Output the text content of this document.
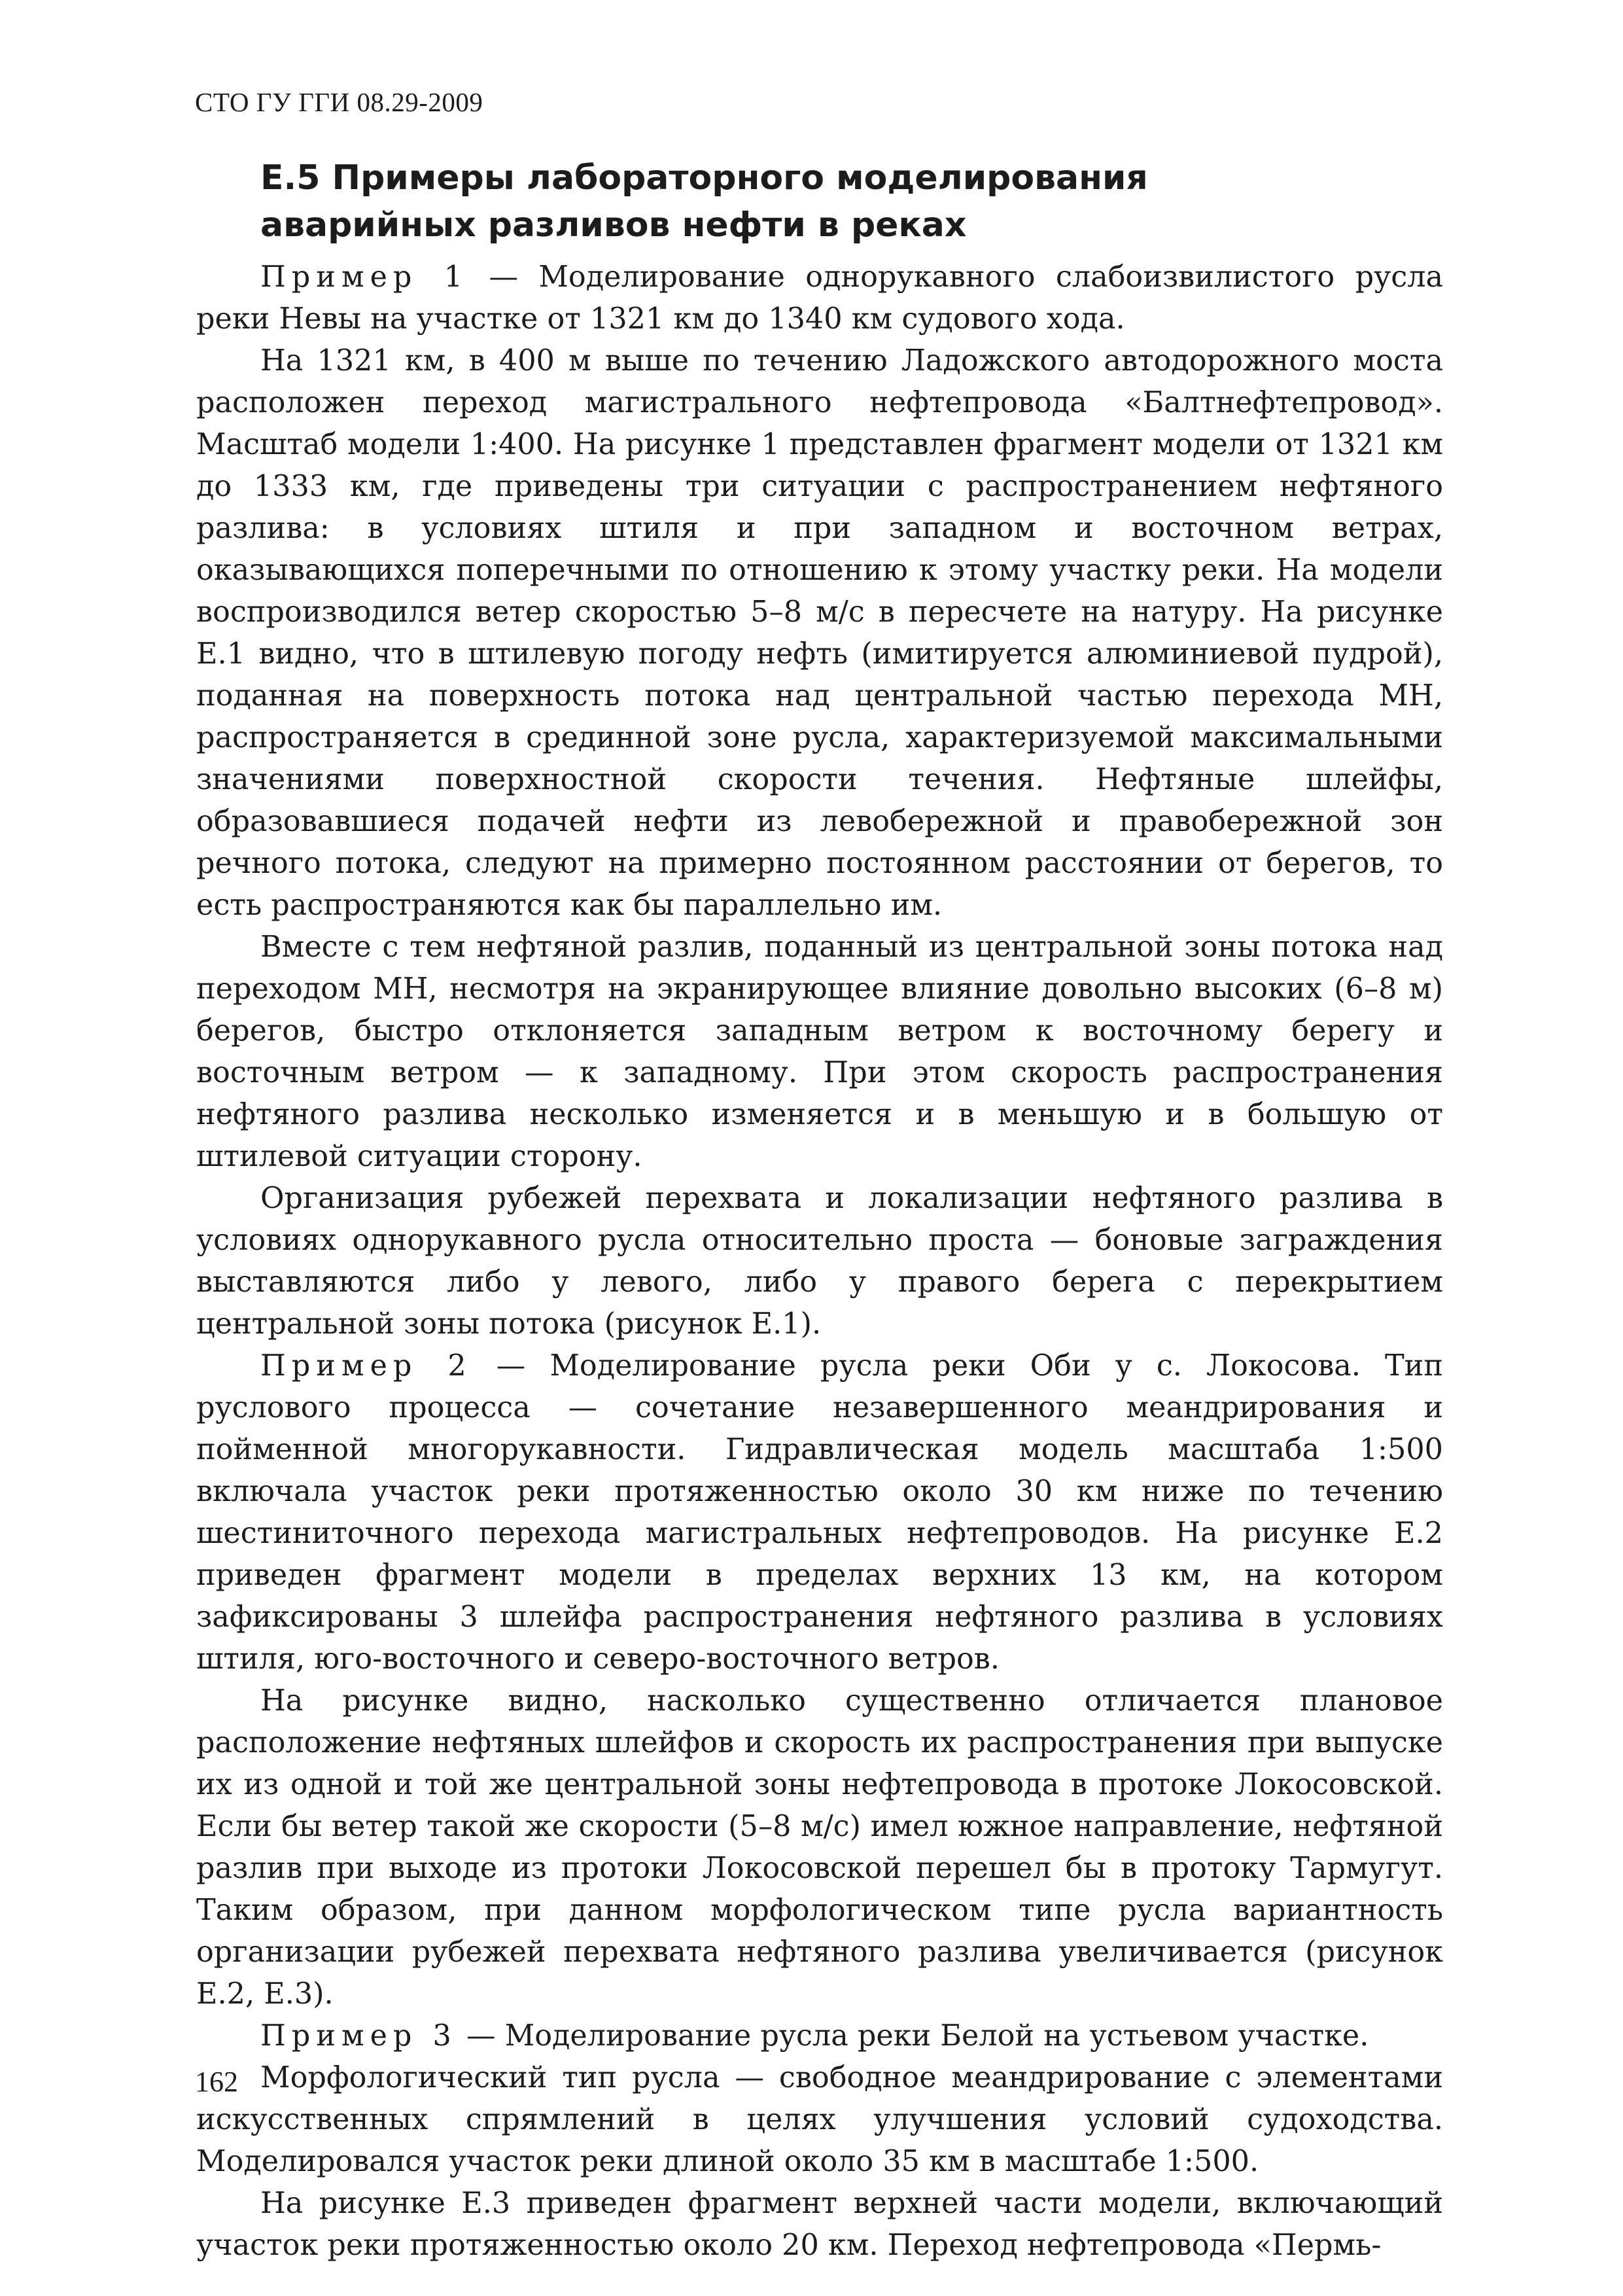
СТО ГУ ГГИ 08.29-2009

Е.5 Примеры лабораторного моделирования
аварийных разливов нефти в реках

Пример 1 — Моделирование однорукавного слабоизвилистого русла реки Невы на участке от 1321 км до 1340 км судового хода.

На 1321 км, в 400 м выше по течению Ладожского автодорожного моста расположен переход магистрального нефтепровода «Балтнефтепровод». Масштаб модели 1:400. На рисунке 1 представлен фрагмент модели от 1321 км до 1333 км, где приведены три ситуации с распространением нефтяного разлива: в условиях штиля и при западном и восточном ветрах, оказывающихся поперечными по отношению к этому участку реки. На модели воспроизводился ветер скоростью 5–8 м/с в пересчете на натуру. На рисунке Е.1 видно, что в штилевую погоду нефть (имитируется алюминиевой пудрой), поданная на поверхность потока над центральной частью перехода МН, распространяется в срединной зоне русла, характеризуемой максимальными значениями поверхностной скорости течения. Нефтяные шлейфы, образовавшиеся подачей нефти из левобережной и правобережной зон речного потока, следуют на примерно постоянном расстоянии от берегов, то есть распространяются как бы параллельно им.

Вместе с тем нефтяной разлив, поданный из центральной зоны потока над переходом МН, несмотря на экранирующее влияние довольно высоких (6–8 м) берегов, быстро отклоняется западным ветром к восточному берегу и восточным ветром — к западному. При этом скорость распространения нефтяного разлива несколько изменяется и в меньшую и в большую от штилевой ситуации сторону.

Организация рубежей перехвата и локализации нефтяного разлива в условиях однорукавного русла относительно проста — боновые заграждения выставляются либо у левого, либо у правого берега с перекрытием центральной зоны потока (рисунок Е.1).

Пример 2 — Моделирование русла реки Оби у с. Локосова. Тип руслового процесса — сочетание незавершенного меандрирования и пойменной многорукавности. Гидравлическая модель масштаба 1:500 включала участок реки протяженностью около 30 км ниже по течению шестиниточного перехода магистральных нефтепроводов. На рисунке Е.2 приведен фрагмент модели в пределах верхних 13 км, на котором зафиксированы 3 шлейфа распространения нефтяного разлива в условиях штиля, юго-восточного и северо-восточного ветров.

На рисунке видно, насколько существенно отличается плановое расположение нефтяных шлейфов и скорость их распространения при выпуске их из одной и той же центральной зоны нефтепровода в протоке Локосовской. Если бы ветер такой же скорости (5–8 м/с) имел южное направление, нефтяной разлив при выходе из протоки Локосовской перешел бы в протоку Тармугут. Таким образом, при данном морфологическом типе русла вариантность организации рубежей перехвата нефтяного разлива увеличивается (рисунок Е.2, Е.3).

Пример 3 — Моделирование русла реки Белой на устьевом участке.

Морфологический тип русла — свободное меандрирование с элементами искусственных спрямлений в целях улучшения условий судоходства. Моделировался участок реки длиной около 35 км в масштабе 1:500.

На рисунке Е.3 приведен фрагмент верхней части модели, включающий участок реки протяженностью около 20 км. Переход нефтепровода «Пермь-

162
